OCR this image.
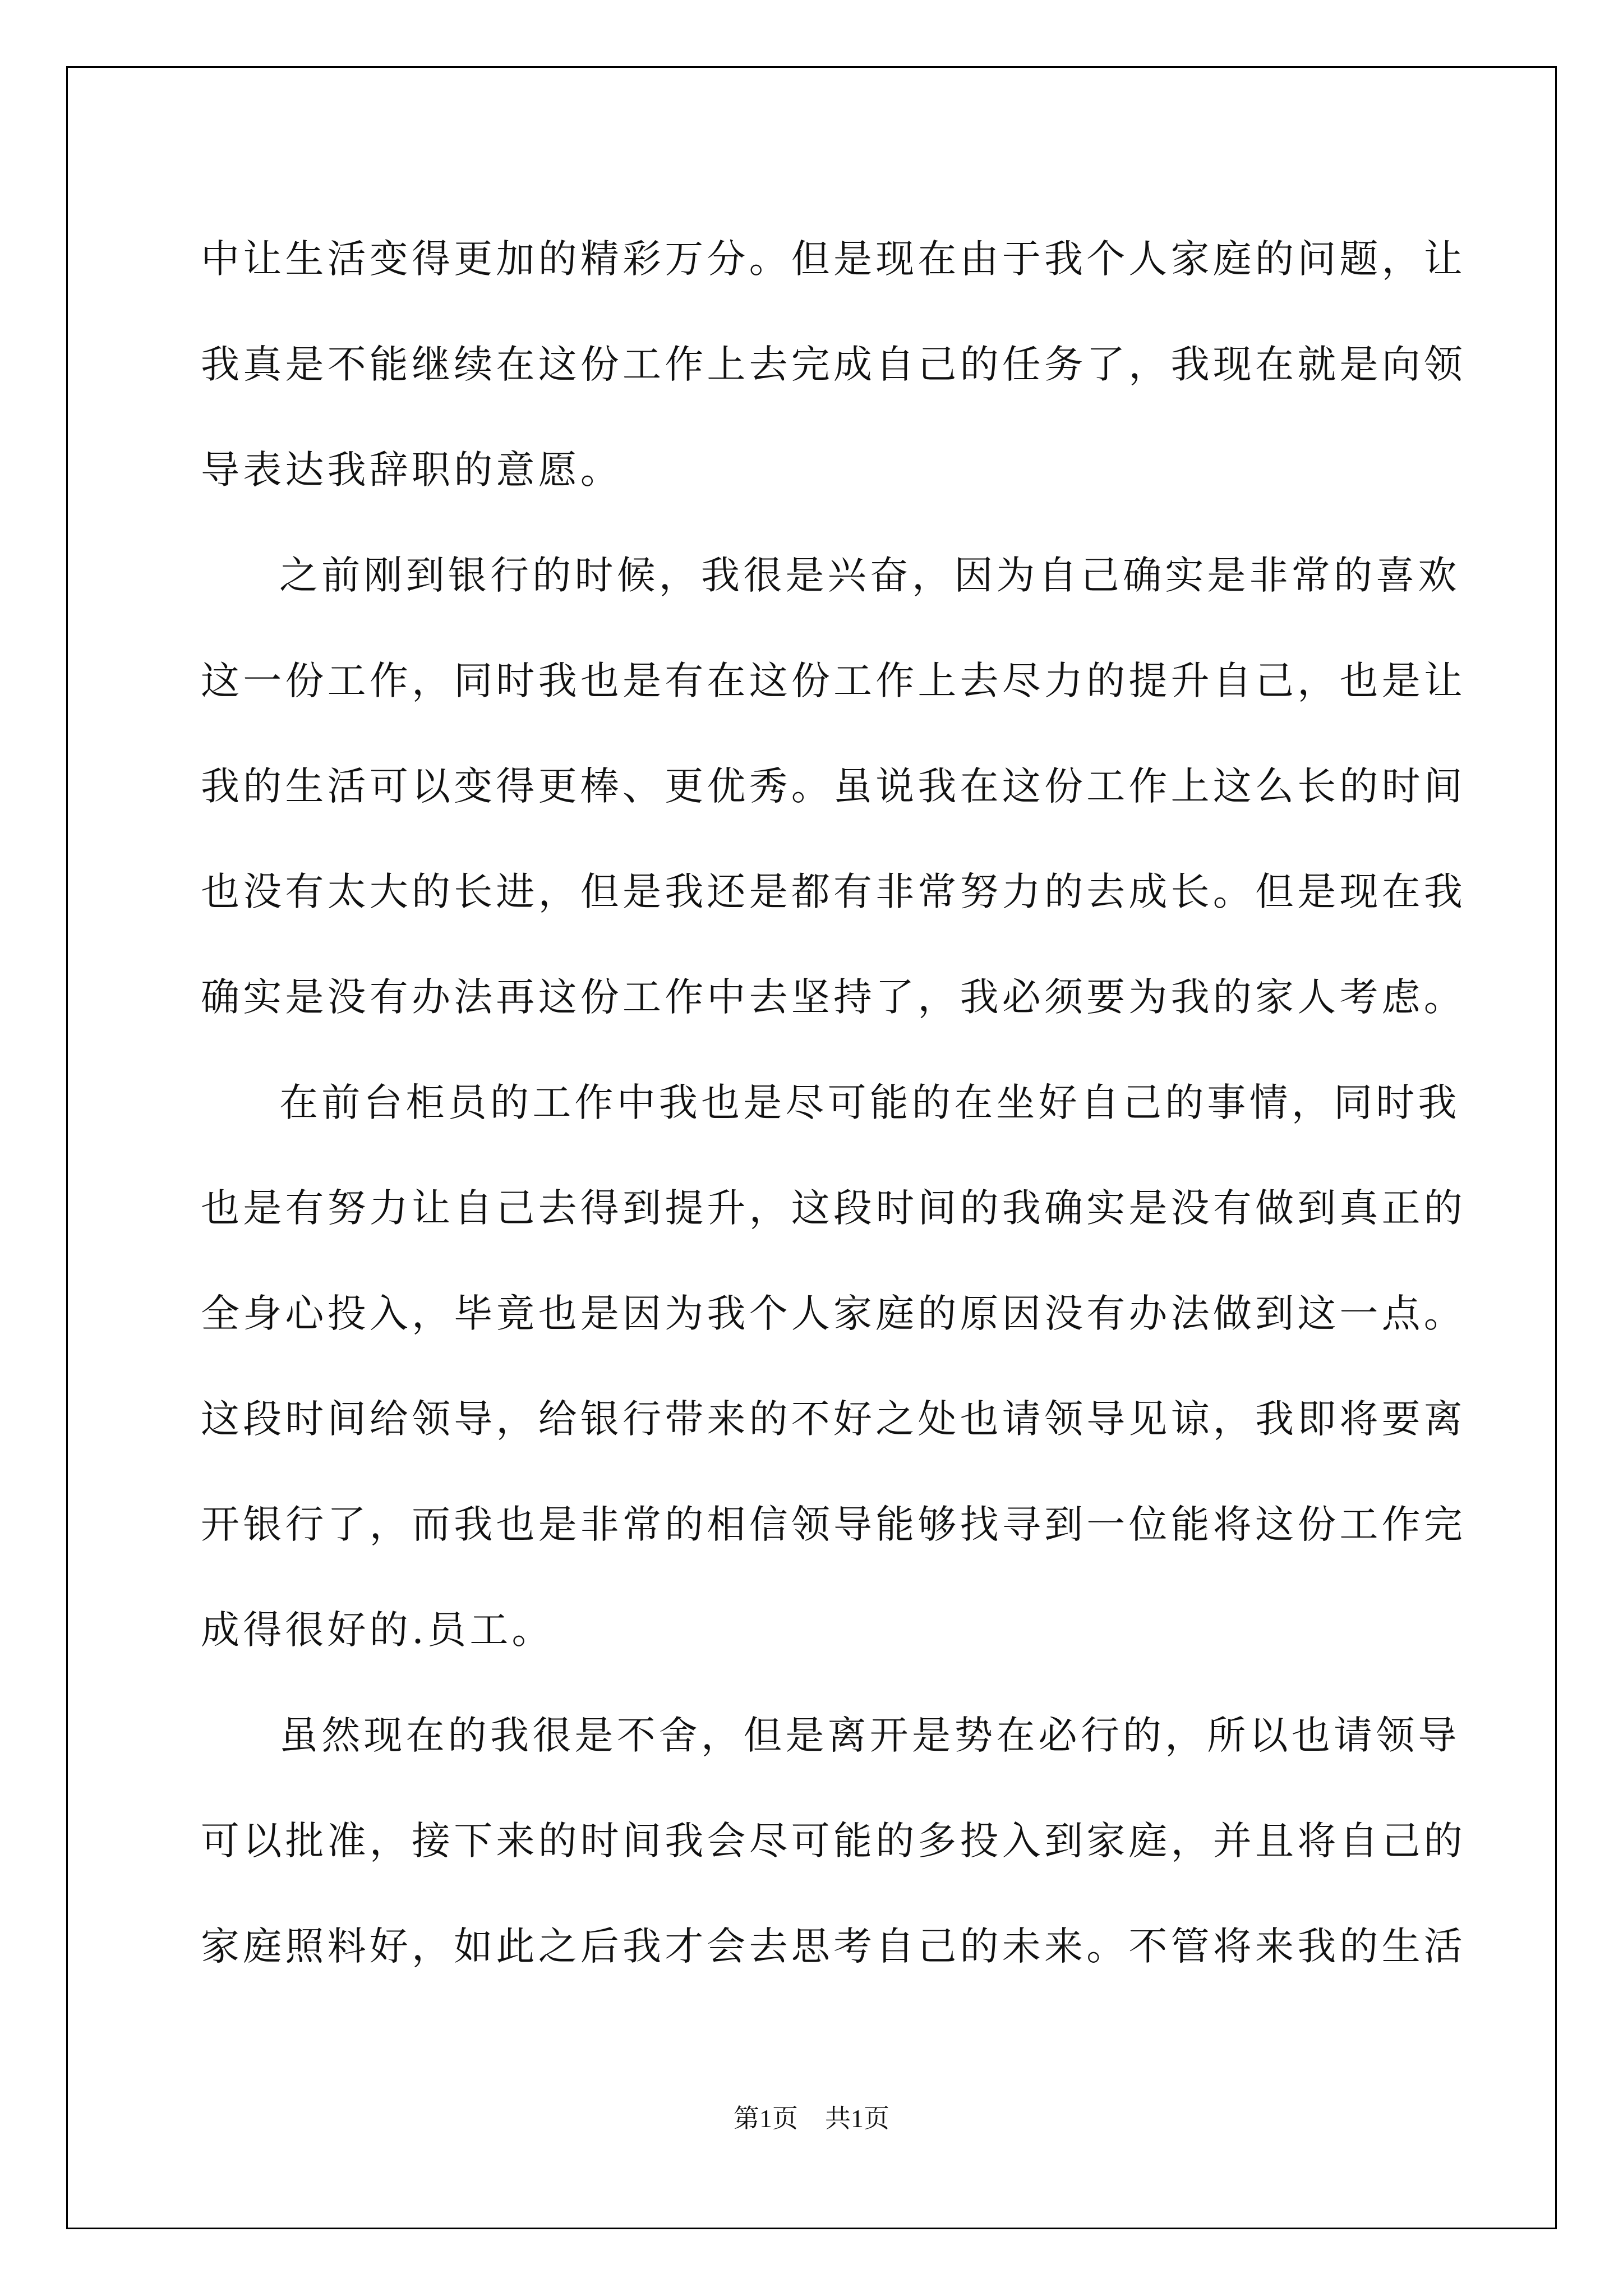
中让生活变得更加的精彩万分。但是现在由于我个人家庭的问题，让
我真是不能继续在这份工作上去完成自己的任务了，我现在就是向领
导表达我辞职的意愿。
之前刚到银行的时候，我很是兴奋，因为自己确实是非常的喜欢
这一份工作，同时我也是有在这份工作上去尽力的提升自己，也是让
我的生活可以变得更棒、更优秀。虽说我在这份工作上这么长的时间
也没有太大的长进，但是我还是都有非常努力的去成长。但是现在我
确实是没有办法再这份工作中去坚持了，我必须要为我的家人考虑。
在前台柜员的工作中我也是尽可能的在坐好自己的事情，同时我
也是有努力让自己去得到提升，这段时间的我确实是没有做到真正的
全身心投入，毕竟也是因为我个人家庭的原因没有办法做到这一点。
这段时间给领导，给银行带来的不好之处也请领导见谅，我即将要离
开银行了，而我也是非常的相信领导能够找寻到一位能将这份工作完
成得很好的.员工。
虽然现在的我很是不舍，但是离开是势在必行的，所以也请领导
可以批准，接下来的时间我会尽可能的多投入到家庭，并且将自己的
家庭照料好，如此之后我才会去思考自己的未来。不管将来我的生活
第1页 共1页
